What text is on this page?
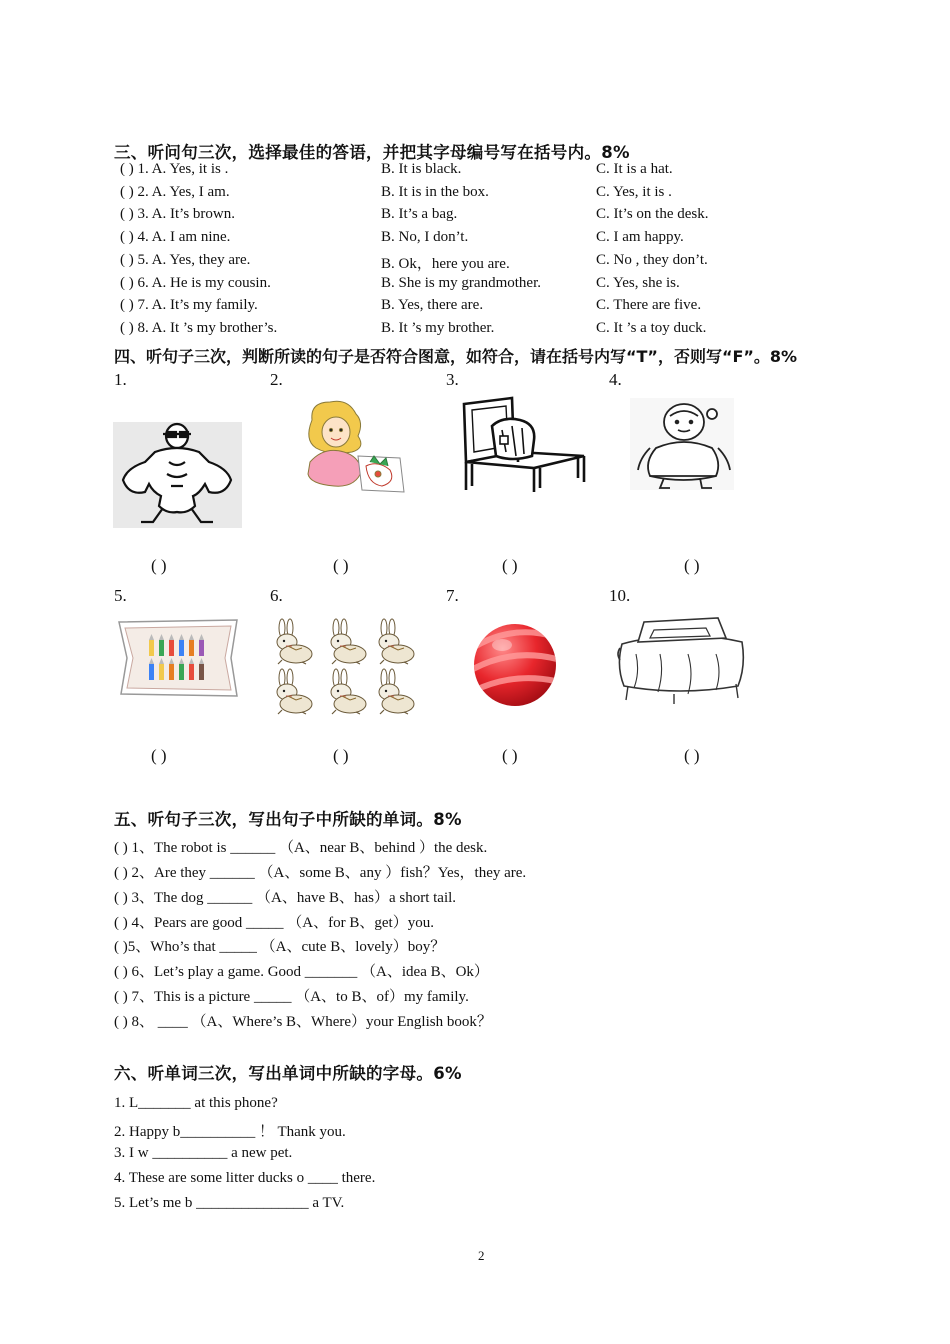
三、听问句三次，选择最佳的答语，并把其字母编号写在括号内。8%
( ) 1. A. Yes, it is .	B. It is black.	C. It is a hat.
( ) 2. A. Yes, I am.	B. It is in the box.	C. Yes, it is .
( ) 3. A. It’s brown.	B. It’s a bag.	C. It’s on the desk.
( ) 4. A. I am nine.	B. No, I don’t.	C. I am happy.
( ) 5. A. Yes, they are.	B. Ok，here you are.	C. No , they don’t.
( ) 6. A. He is my cousin.	B. She is my grandmother.	C. Yes, she is.
( ) 7. A. It’s my family.	B. Yes, there are.	C. There are five.
( ) 8. A. It ’s my brother’s.	B. It ’s my brother.	C. It ’s a toy duck.
四、听句子三次，判断所读的句子是否符合图意，如符合，请在括号内写“T”，否则写“F”。8%
1.	2.	3.	4.
5.	6.	7.	10.
( )	( )	( )	( )
( )	( )	( )	( )
五、听句子三次，写出句子中所缺的单词。8%
( ) 1、The robot is ______ （A、near B、behind ）the desk.
( ) 2、Are they ______ （A、some B、any ）fish？Yes，they are.
( ) 3、The dog ______ （A、have B、has）a short tail.
( ) 4、Pears are good _____ （A、for B、get）you.
( )5、Who’s that _____ （A、cute B、lovely）boy？
( ) 6、Let’s play a game. Good _______ （A、idea B、Ok）
( ) 7、This is a picture _____ （A、to B、of）my family.
( ) 8、 ____ （A、Where’s B、Where）your English book？
六、听单词三次，写出单词中所缺的字母。6%
1. L_______ at this phone?
2. Happy b__________ ！ Thank you.
3. I w __________ a new pet.
4. These are some litter ducks o ____ there.
5. Let’s me b _______________ a TV.
2
